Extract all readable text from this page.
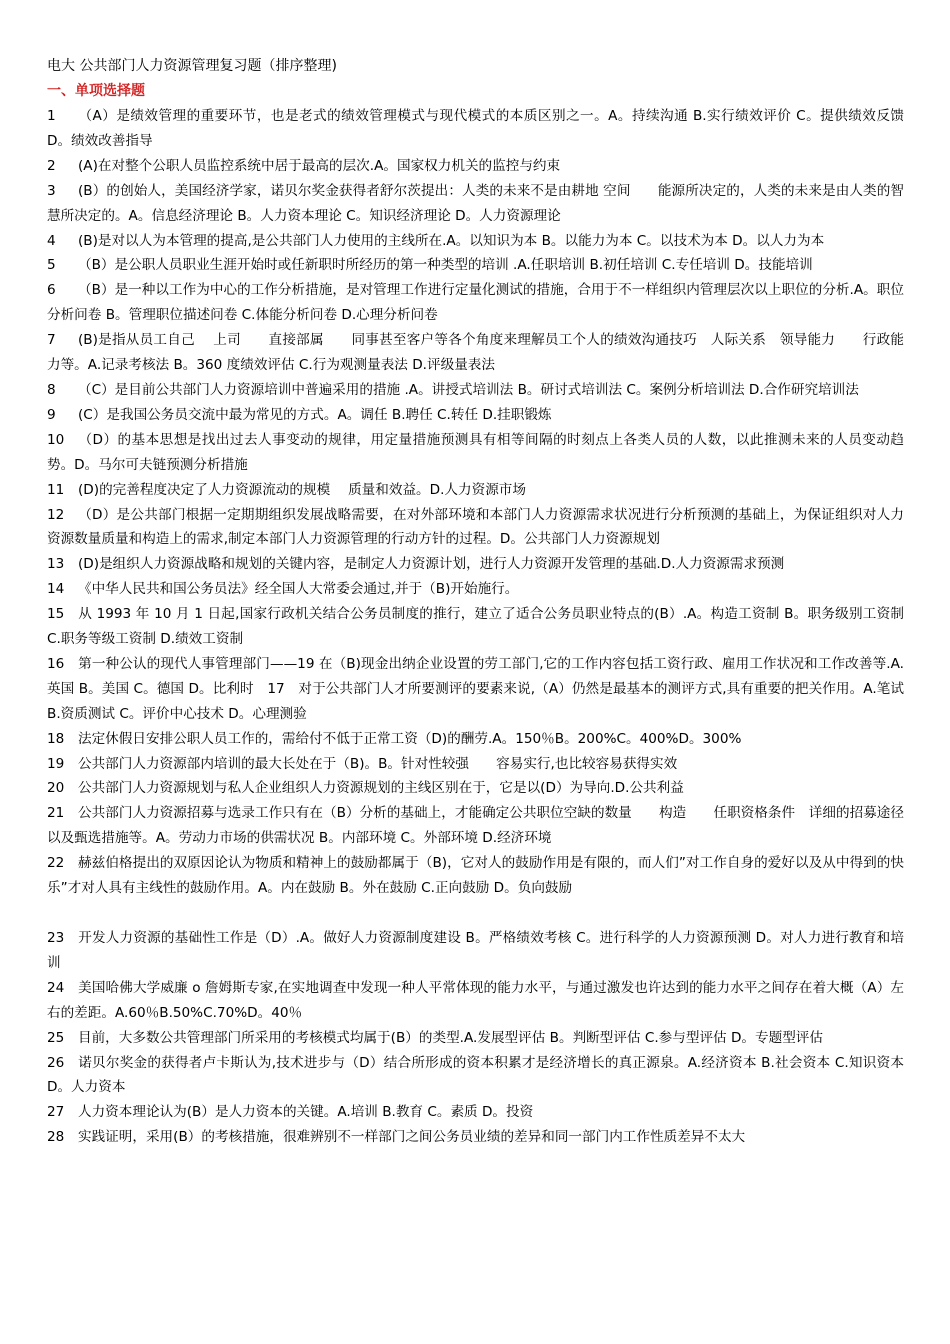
电大 公共部门人力资源管理复习题（排序整理)

一、单项选择题

1 （A）是绩效管理的重要环节，也是老式的绩效管理模式与现代模式的本质区别之一。A。持续沟通 B.实行绩效评价 C。提供绩效反馈 D。绩效改善指导

2 (A)在对整个公职人员监控系统中居于最高的层次.A。国家权力机关的监控与约束

3 (B）的创始人，美国经济学家，诺贝尔奖金获得者舒尔茨提出：人类的未来不是由耕地 空间　　能源所决定的，人类的未来是由人类的智慧所决定的。A。信息经济理论 B。人力资本理论 C。知识经济理论 D。人力资源理论

4 (B)是对以人为本管理的提高,是公共部门人力使用的主线所在.A。以知识为本 B。以能力为本 C。以技术为本 D。以人力为本

5 （B）是公职人员职业生涯开始时或任新职时所经历的第一种类型的培训 .A.任职培训 B.初任培训 C.专任培训 D。技能培训

6 （B）是一种以工作为中心的工作分析措施，是对管理工作进行定量化测试的措施，合用于不一样组织内管理层次以上职位的分析.A。职位分析问卷 B。管理职位描述问卷 C.体能分析问卷 D.心理分析问卷

7 (B)是指从员工自己　 上司　　直接部属　　同事甚至客户等各个角度来理解员工个人的绩效沟通技巧　人际关系　领导能力　　行政能力等。A.记录考核法 B。360 度绩效评估 C.行为观测量表法 D.评级量表法

8 （C）是目前公共部门人力资源培训中普遍采用的措施 .A。讲授式培训法 B。研讨式培训法 C。案例分析培训法 D.合作研究培训法

9 (C）是我国公务员交流中最为常见的方式。A。调任 B.聘任 C.转任 D.挂职锻炼

10 （D）的基本思想是找出过去人事变动的规律，用定量措施预测具有相等间隔的时刻点上各类人员的人数，以此推测未来的人员变动趋势。D。马尔可夫链预测分析措施

11 (D)的完善程度决定了人力资源流动的规模　 质量和效益。D.人力资源市场

12 （D）是公共部门根据一定期期组织发展战略需要，在对外部环境和本部门人力资源需求状况进行分析预测的基础上，为保证组织对人力资源数量质量和构造上的需求,制定本部门人力资源管理的行动方针的过程。D。公共部门人力资源规划

13 (D)是组织人力资源战略和规划的关键内容，是制定人力资源计划，进行人力资源开发管理的基础.D.人力资源需求预测

14 《中华人民共和国公务员法》经全国人大常委会通过,并于（B)开始施行。

15 从 1993 年 10 月 1 日起,国家行政机关结合公务员制度的推行，建立了适合公务员职业特点的(B）.A。构造工资制 B。职务级别工资制 C.职务等级工资制 D.绩效工资制

16 第一种公认的现代人事管理部门——19 在（B)现金出纳企业设置的劳工部门,它的工作内容包括工资行政、雇用工作状况和工作改善等.A.英国 B。美国 C。德国 D。比利时　17　对于公共部门人才所要测评的要素来说,（A）仍然是最基本的测评方式,具有重要的把关作用。A.笔试 B.资质测试 C。评价中心技术 D。心理测验

18 法定休假日安排公职人员工作的，需给付不低于正常工资（D)的酬劳.A。150％B。200%C。400%D。300%

19 公共部门人力资源部内培训的最大长处在于（B)。B。针对性较强　　容易实行,也比较容易获得实效

20 公共部门人力资源规划与私人企业组织人力资源规划的主线区别在于，它是以(D）为导向.D.公共利益

21 公共部门人力资源招募与选录工作只有在（B）分析的基础上，才能确定公共职位空缺的数量　　构造　　任职资格条件　详细的招募途径以及甄选措施等。A。劳动力市场的供需状况 B。内部环境 C。外部环境 D.经济环境

22 赫兹伯格提出的双原因论认为物质和精神上的鼓励都属于（B)，它对人的鼓励作用是有限的，而人们”对工作自身的爱好以及从中得到的快乐”才对人具有主线性的鼓励作用。A。内在鼓励 B。外在鼓励 C.正向鼓励 D。负向鼓励

23 开发人力资源的基础性工作是（D）.A。做好人力资源制度建设 B。严格绩效考核 C。进行科学的人力资源预测 D。对人力进行教育和培训

24 美国哈佛大学威廉 o 詹姆斯专家,在实地调查中发现一种人平常体现的能力水平，与通过激发也许达到的能力水平之间存在着大概（A）左右的差距。A.60％B.50%C.70%D。40％

25 目前，大多数公共管理部门所采用的考核模式均属于(B）的类型.A.发展型评估 B。判断型评估 C.参与型评估 D。专题型评估

26 诺贝尔奖金的获得者卢卡斯认为,技术进步与（D）结合所形成的资本积累才是经济增长的真正源泉。A.经济资本 B.社会资本 C.知识资本 D。人力资本

27 人力资本理论认为(B）是人力资本的关键。A.培训 B.教育 C。素质 D。投资

28 实践证明，采用(B）的考核措施，很难辨别不一样部门之间公务员业绩的差异和同一部门内工作性质差异不太大
